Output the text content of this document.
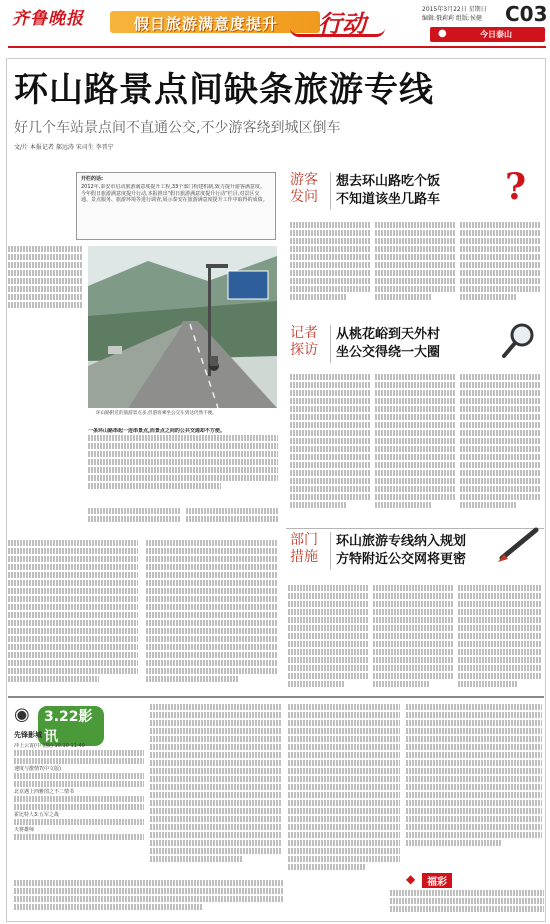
齐鲁晚报	假日旅游满意度提升 行动	2015年3月22日 星期日
编辑:俄莉莉 组版:侯健 C03
●	今日泰山
环山路景点间缺条旅游专线
好几个车站景点间不直通公交,不少游客绕到城区倒车
文/片 本报记者 郝远涛 宋司生 李晋宁
开栏的话:
2012年,泰安市启动旅游满意度提升工程,33个部门构建机制,致力提升游客满意度。今年假日旅游满意度提升行动,本报推出“假日旅游满意度提升行动”栏目,对景区交通、景点服务、旅游环境等进行调查,展示泰安在旅游满意度提升工作中取得的成绩。
环山路附近的旅游景点多,但游客乘坐公交车到达仍然不便。
一条环山路串起一连串景点,而景点之间的公共交通却不方便。
游客
发问
想去环山路吃个饭
不知道该坐几路车 ?
记者
探访
从桃花峪到天外村
坐公交得绕一大圈
部门
措施
环山旅游专线纳入规划
方特附近公交网将更密
◉	3.22影讯
先锋影城
冲上云霄(中文版) 10:10 11:40
速度与激情7(中文版)
北京遇上西雅图之不二情书
霍比特人3:五军之战
天将雄师
◆	福彩
